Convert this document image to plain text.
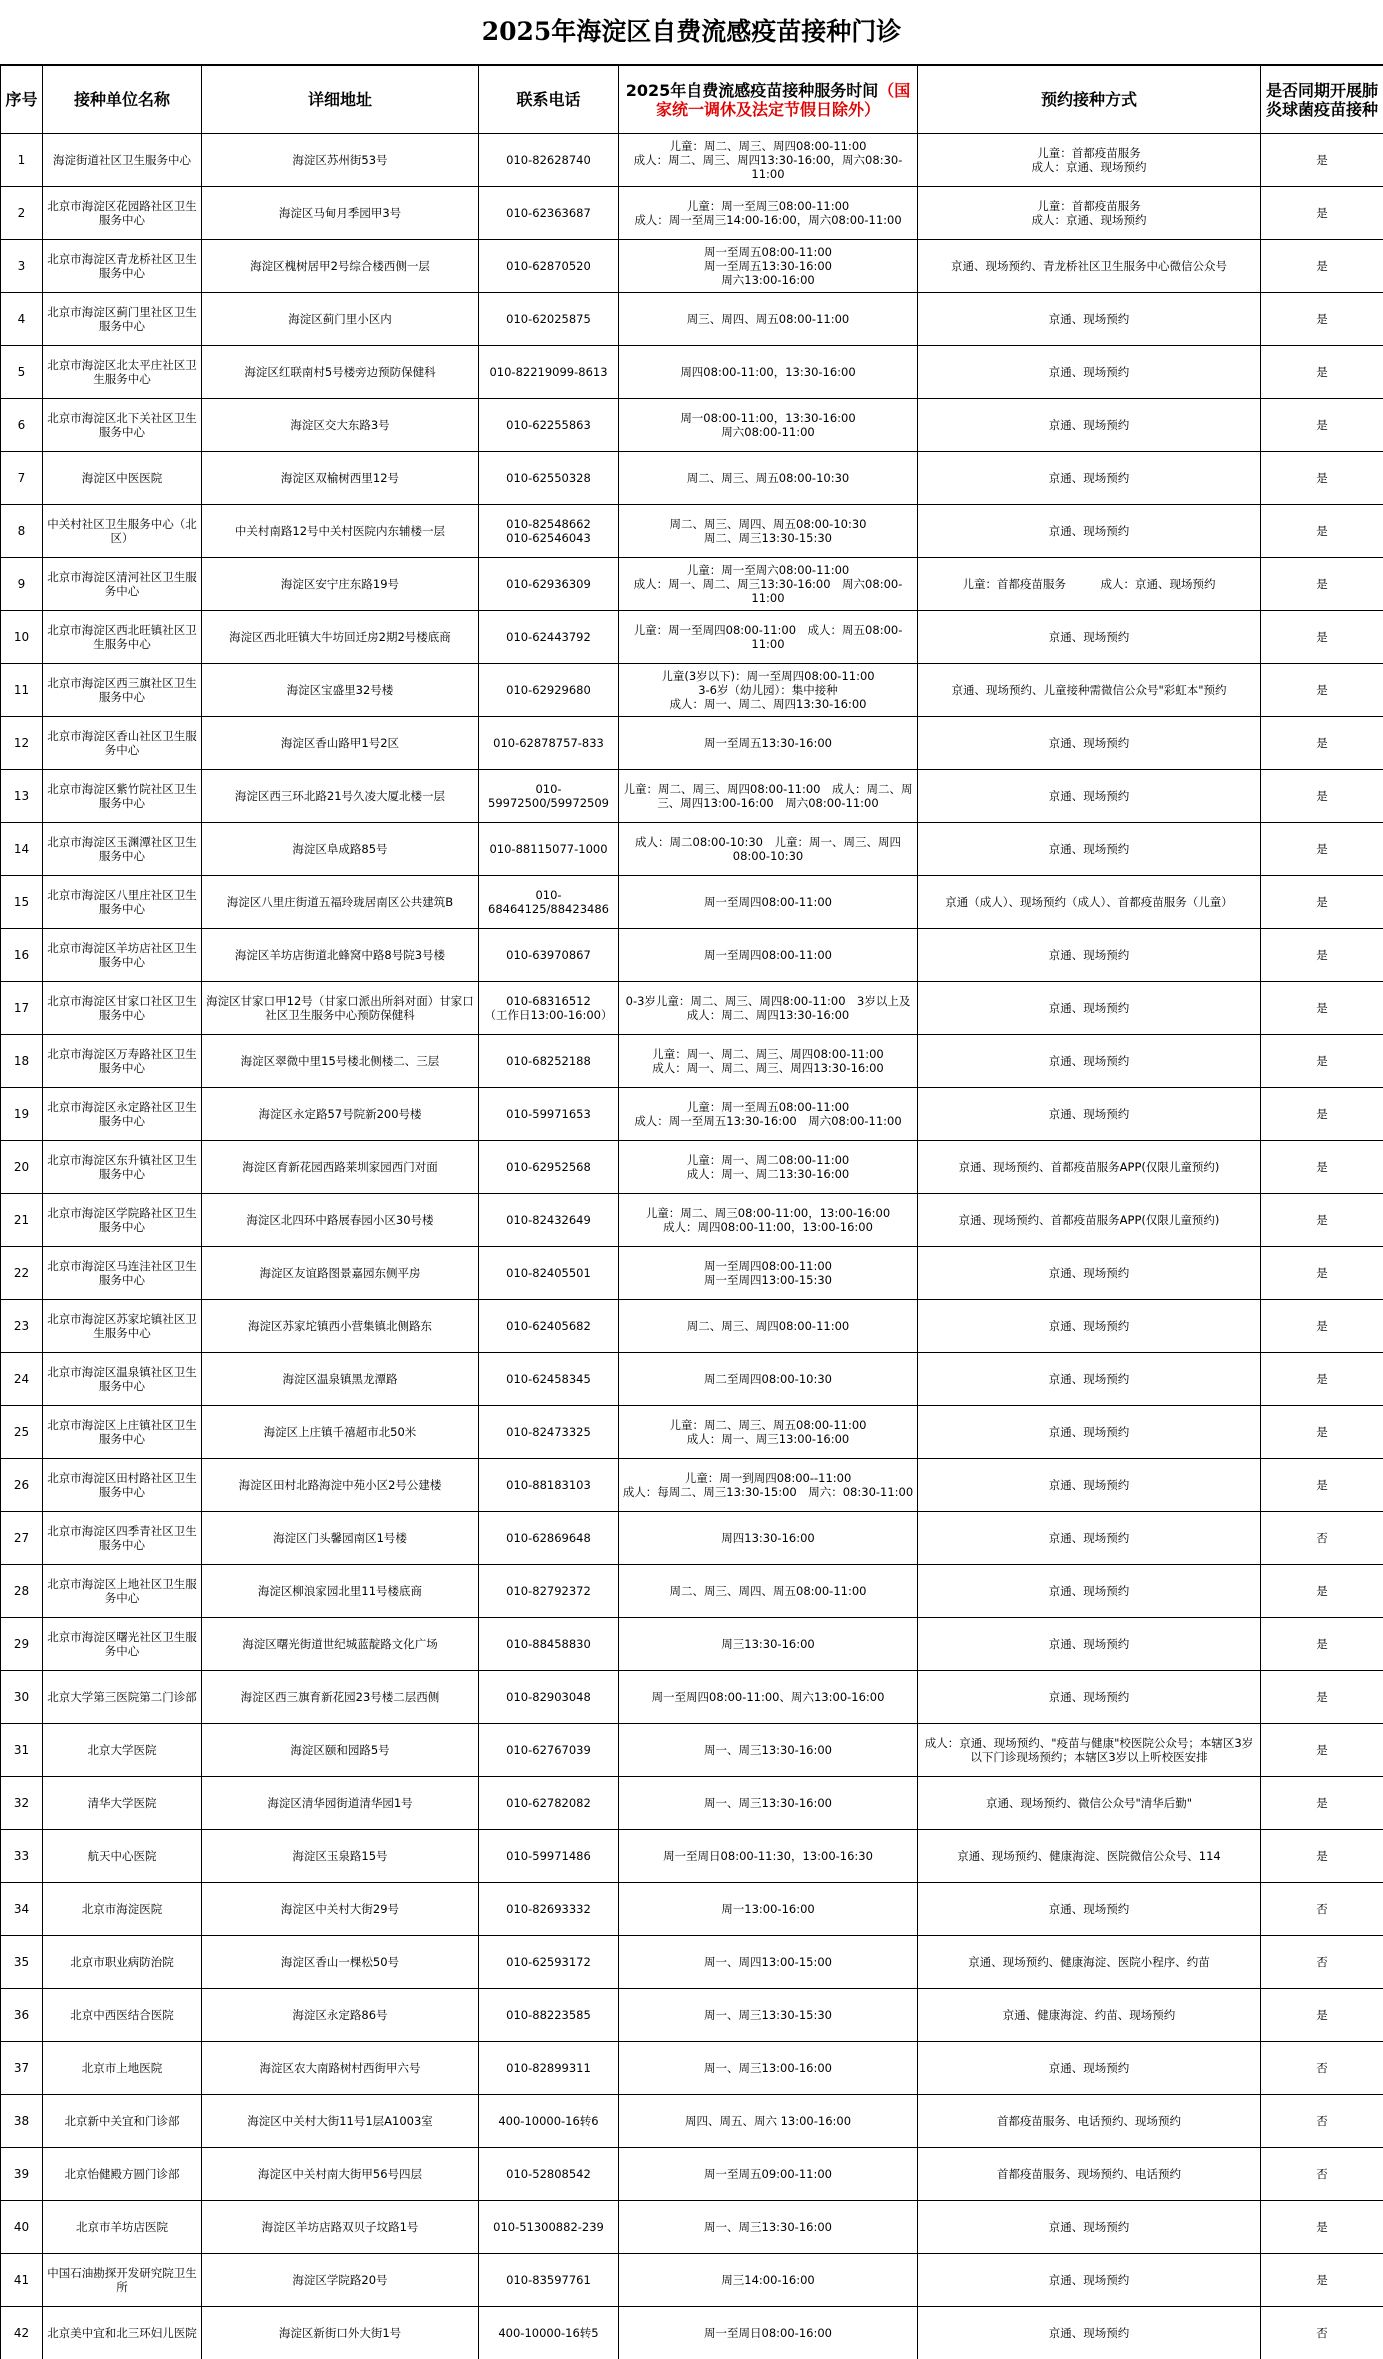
2025年海淀区自费流感疫苗接种门诊
序号	接种单位名称	详细地址	联系电话	2025年自费流感疫苗接种服务时间（国家统一调休及法定节假日除外）	预约接种方式	是否同期开展肺炎球菌疫苗接种
1	海淀街道社区卫生服务中心	海淀区苏州街53号	010-82628740	儿童：周二、周三、周四08:00-11:00
成人：周二、周三、周四13:30-16:00，周六08:30-11:00	儿童：首都疫苗服务
成人：京通、现场预约	是
2	北京市海淀区花园路社区卫生服务中心	海淀区马甸月季园甲3号	010-62363687	儿童：周一至周三08:00-11:00
成人：周一至周三14:00-16:00，周六08:00-11:00	儿童：首都疫苗服务
成人：京通、现场预约	是
3	北京市海淀区青龙桥社区卫生服务中心	海淀区槐树居甲2号综合楼西侧一层	010-62870520	周一至周五08:00-11:00
周一至周五13:30-16:00
周六13:00-16:00	京通、现场预约、青龙桥社区卫生服务中心微信公众号	是
4	北京市海淀区蓟门里社区卫生服务中心	海淀区蓟门里小区内	010-62025875	周三、周四、周五08:00-11:00	京通、现场预约	是
5	北京市海淀区北太平庄社区卫生服务中心	海淀区红联南村5号楼旁边预防保健科	010-82219099-8613	周四08:00-11:00，13:30-16:00	京通、现场预约	是
6	北京市海淀区北下关社区卫生服务中心	海淀区交大东路3号	010-62255863	周一08:00-11:00，13:30-16:00
周六08:00-11:00	京通、现场预约	是
7	海淀区中医医院	海淀区双榆树西里12号	010-62550328	周二、周三、周五08:00-10:30	京通、现场预约	是
8	中关村社区卫生服务中心（北区）	中关村南路12号中关村医院内东辅楼一层	010-82548662
010-62546043	周二、周三、周四、周五08:00-10:30
周二、周三13:30-15:30	京通、现场预约	是
9	北京市海淀区清河社区卫生服务中心	海淀区安宁庄东路19号	010-62936309	儿童：周一至周六08:00-11:00
成人：周一、周二、周三13:30-16:00　周六08:00-11:00	儿童：首都疫苗服务　　　成人：京通、现场预约	是
10	北京市海淀区西北旺镇社区卫生服务中心	海淀区西北旺镇大牛坊回迁房2期2号楼底商	010-62443792	儿童：周一至周四08:00-11:00　成人：周五08:00-11:00	京通、现场预约	是
11	北京市海淀区西三旗社区卫生服务中心	海淀区宝盛里32号楼	010-62929680	儿童(3岁以下)：周一至周四08:00-11:00
3-6岁（幼儿园）：集中接种
成人：周一、周二、周四13:30-16:00	京通、现场预约、儿童接种需微信公众号"彩虹本"预约	是
12	北京市海淀区香山社区卫生服务中心	海淀区香山路甲1号2区	010-62878757-833	周一至周五13:30-16:00	京通、现场预约	是
13	北京市海淀区紫竹院社区卫生服务中心	海淀区西三环北路21号久凌大厦北楼一层	010-59972500/59972509	儿童：周二、周三、周四08:00-11:00　成人：周二、周三、周四13:00-16:00　周六08:00-11:00	京通、现场预约	是
14	北京市海淀区玉渊潭社区卫生服务中心	海淀区阜成路85号	010-88115077-1000	成人：周二08:00-10:30　儿童：周一、周三、周四08:00-10:30	京通、现场预约	是
15	北京市海淀区八里庄社区卫生服务中心	海淀区八里庄街道五福玲珑居南区公共建筑B	010-68464125/88423486	周一至周四08:00-11:00	京通（成人）、现场预约（成人）、首都疫苗服务（儿童）	是
16	北京市海淀区羊坊店社区卫生服务中心	海淀区羊坊店街道北蜂窝中路8号院3号楼	010-63970867	周一至周四08:00-11:00	京通、现场预约	是
17	北京市海淀区甘家口社区卫生服务中心	海淀区甘家口甲12号（甘家口派出所斜对面）甘家口社区卫生服务中心预防保健科	010-68316512
（工作日13:00-16:00）	0-3岁儿童：周二、周三、周四8:00-11:00　3岁以上及成人：周二、周四13:30-16:00	京通、现场预约	是
18	北京市海淀区万寿路社区卫生服务中心	海淀区翠微中里15号楼北侧楼二、三层	010-68252188	儿童：周一、周二、周三、周四08:00-11:00
成人：周一、周二、周三、周四13:30-16:00	京通、现场预约	是
19	北京市海淀区永定路社区卫生服务中心	海淀区永定路57号院新200号楼	010-59971653	儿童：周一至周五08:00-11:00
成人：周一至周五13:30-16:00　周六08:00-11:00	京通、现场预约	是
20	北京市海淀区东升镇社区卫生服务中心	海淀区育新花园西路莱圳家园西门对面	010-62952568	儿童：周一、周二08:00-11:00
成人：周一、周二13:30-16:00	京通、现场预约、首都疫苗服务APP(仅限儿童预约)	是
21	北京市海淀区学院路社区卫生服务中心	海淀区北四环中路展春园小区30号楼	010-82432649	儿童：周二、周三08:00-11:00，13:00-16:00
成人：周四08:00-11:00，13:00-16:00	京通、现场预约、首都疫苗服务APP(仅限儿童预约)	是
22	北京市海淀区马连洼社区卫生服务中心	海淀区友谊路图景嘉园东侧平房	010-82405501	周一至周四08:00-11:00
周一至周四13:00-15:30	京通、现场预约	是
23	北京市海淀区苏家坨镇社区卫生服务中心	海淀区苏家坨镇西小营集镇北侧路东	010-62405682	周二、周三、周四08:00-11:00	京通、现场预约	是
24	北京市海淀区温泉镇社区卫生服务中心	海淀区温泉镇黑龙潭路	010-62458345	周二至周四08:00-10:30	京通、现场预约	是
25	北京市海淀区上庄镇社区卫生服务中心	海淀区上庄镇千禧超市北50米	010-82473325	儿童：周二、周三、周五08:00-11:00
成人：周一、周三13:00-16:00	京通、现场预约	是
26	北京市海淀区田村路社区卫生服务中心	海淀区田村北路海淀中苑小区2号公建楼	010-88183103	儿童：周一到周四08:00--11:00
成人：每周二、周三13:30-15:00　周六：08:30-11:00	京通、现场预约	是
27	北京市海淀区四季青社区卫生服务中心	海淀区门头馨园南区1号楼	010-62869648	周四13:30-16:00	京通、现场预约	否
28	北京市海淀区上地社区卫生服务中心	海淀区柳浪家园北里11号楼底商	010-82792372	周二、周三、周四、周五08:00-11:00	京通、现场预约	是
29	北京市海淀区曙光社区卫生服务中心	海淀区曙光街道世纪城蓝靛路文化广场	010-88458830	周三13:30-16:00	京通、现场预约	是
30	北京大学第三医院第二门诊部	海淀区西三旗育新花园23号楼二层西侧	010-82903048	周一至周四08:00-11:00、周六13:00-16:00	京通、现场预约	是
31	北京大学医院	海淀区颐和园路5号	010-62767039	周一、周三13:30-16:00	成人：京通、现场预约、"疫苗与健康"校医院公众号；本辖区3岁以下门诊现场预约；本辖区3岁以上听校医安排	是
32	清华大学医院	海淀区清华园街道清华园1号	010-62782082	周一、周三13:30-16:00	京通、现场预约、微信公众号"清华后勤"	是
33	航天中心医院	海淀区玉泉路15号	010-59971486	周一至周日08:00-11:30，13:00-16:30	京通、现场预约、健康海淀、医院微信公众号、114	是
34	北京市海淀医院	海淀区中关村大街29号	010-82693332	周一13:00-16:00	京通、现场预约	否
35	北京市职业病防治院	海淀区香山一棵松50号	010-62593172	周一、周四13:00-15:00	京通、现场预约、健康海淀、医院小程序、约苗	否
36	北京中西医结合医院	海淀区永定路86号	010-88223585	周一、周三13:30-15:30	京通、健康海淀、约苗、现场预约	是
37	北京市上地医院	海淀区农大南路树村西街甲六号	010-82899311	周一、周三13:00-16:00	京通、现场预约	否
38	北京新中关宜和门诊部	海淀区中关村大街11号1层A1003室	400-10000-16转6	周四、周五、周六 13:00-16:00	首都疫苗服务、电话预约、现场预约	否
39	北京怡健殿方圆门诊部	海淀区中关村南大街甲56号四层	010-52808542	周一至周五09:00-11:00	首都疫苗服务、现场预约、电话预约	否
40	北京市羊坊店医院	海淀区羊坊店路双贝子坟路1号	010-51300882-239	周一、周三13:30-16:00	京通、现场预约	是
41	中国石油勘探开发研究院卫生所	海淀区学院路20号	010-83597761	周三14:00-16:00	京通、现场预约	是
42	北京美中宜和北三环妇儿医院	海淀区新街口外大街1号	400-10000-16转5	周一至周日08:00-16:00	京通、现场预约	否
